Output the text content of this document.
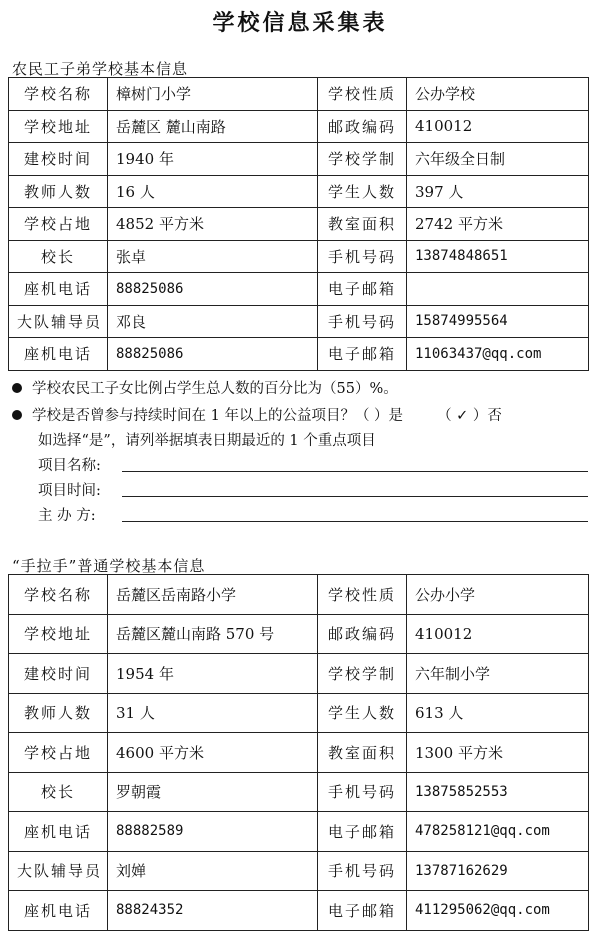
学校信息采集表
农民工子弟学校基本信息
学校名称	樟树门小学	学校性质	公办学校
学校地址	岳麓区 麓山南路	邮政编码	410012
建校时间	1940 年	学校学制	六年级全日制
教师人数	16 人	学生人数	397 人
学校占地	4852 平方米	教室面积	2742 平方米
校长	张卓	手机号码	13874848651
座机电话	88825086	电子邮箱	
大队辅导员	邓良	手机号码	15874995564
座机电话	88825086	电子邮箱	11063437@qq.com
学校农民工子女比例占学生总人数的百分比为（55）%。
学校是否曾参与持续时间在 1 年以上的公益项目？（ ）是 （ ✓ ）否
如选择“是”，请列举据填表日期最近的 1 个重点项目
项目名称:
项目时间:
主 办 方:
“手拉手”普通学校基本信息
学校名称	岳麓区岳南路小学	学校性质	公办小学
学校地址	岳麓区麓山南路 570 号	邮政编码	410012
建校时间	1954 年	学校学制	六年制小学
教师人数	31 人	学生人数	613 人
学校占地	4600 平方米	教室面积	1300 平方米
校长	罗朝霞	手机号码	13875852553
座机电话	88882589	电子邮箱	478258121@qq.com
大队辅导员	刘婵	手机号码	13787162629
座机电话	88824352	电子邮箱	411295062@qq.com
